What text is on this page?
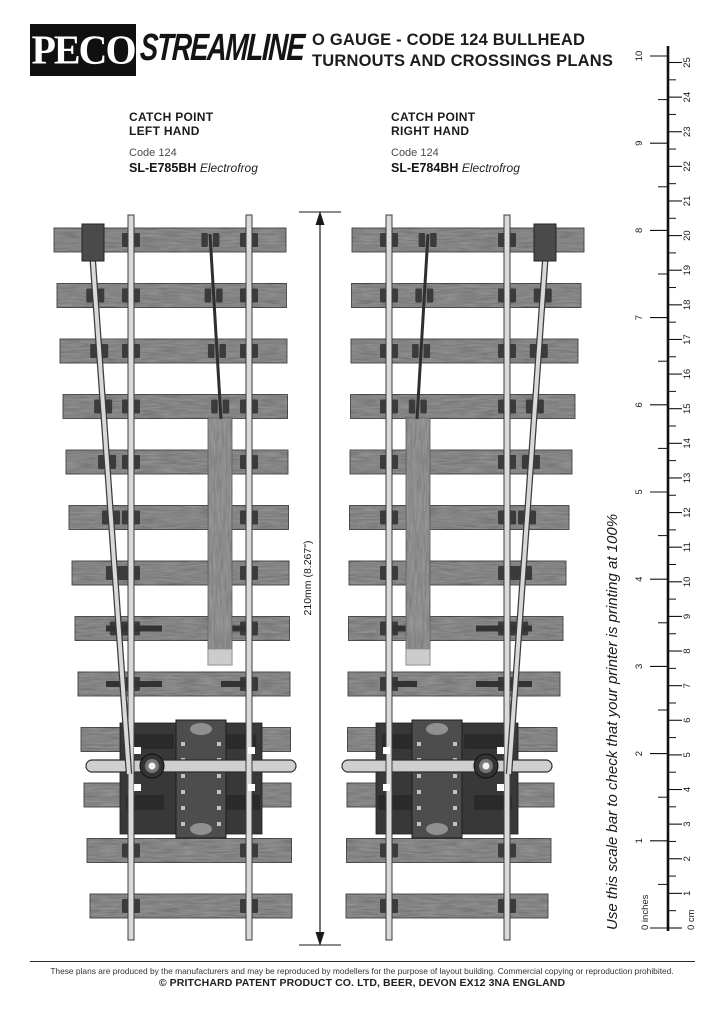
PECO STREAMLINE O GAUGE - CODE 124 BULLHEAD
TURNOUTS AND CROSSINGS PLANS
CATCH POINT
LEFT HAND
Code 124
SL-E785BH Electrofrog
CATCH POINT
RIGHT HAND
Code 124
SL-E784BH Electrofrog
210mm (8.267")
1
2
3
4
5
6
7
8
9
10
1
2
3
4
5
6
7
8
9
10
11
12
13
14
15
16
17
18
19
20
21
22
23
24
25
0 inches	0 cm
Use this scale bar to check that your printer is printing at 100%
These plans are produced by the manufacturers and may be reproduced by modellers for the purpose of layout building. Commercial copying or reproduction prohibited.
© PRITCHARD PATENT PRODUCT CO. LTD, BEER, DEVON EX12 3NA ENGLAND
